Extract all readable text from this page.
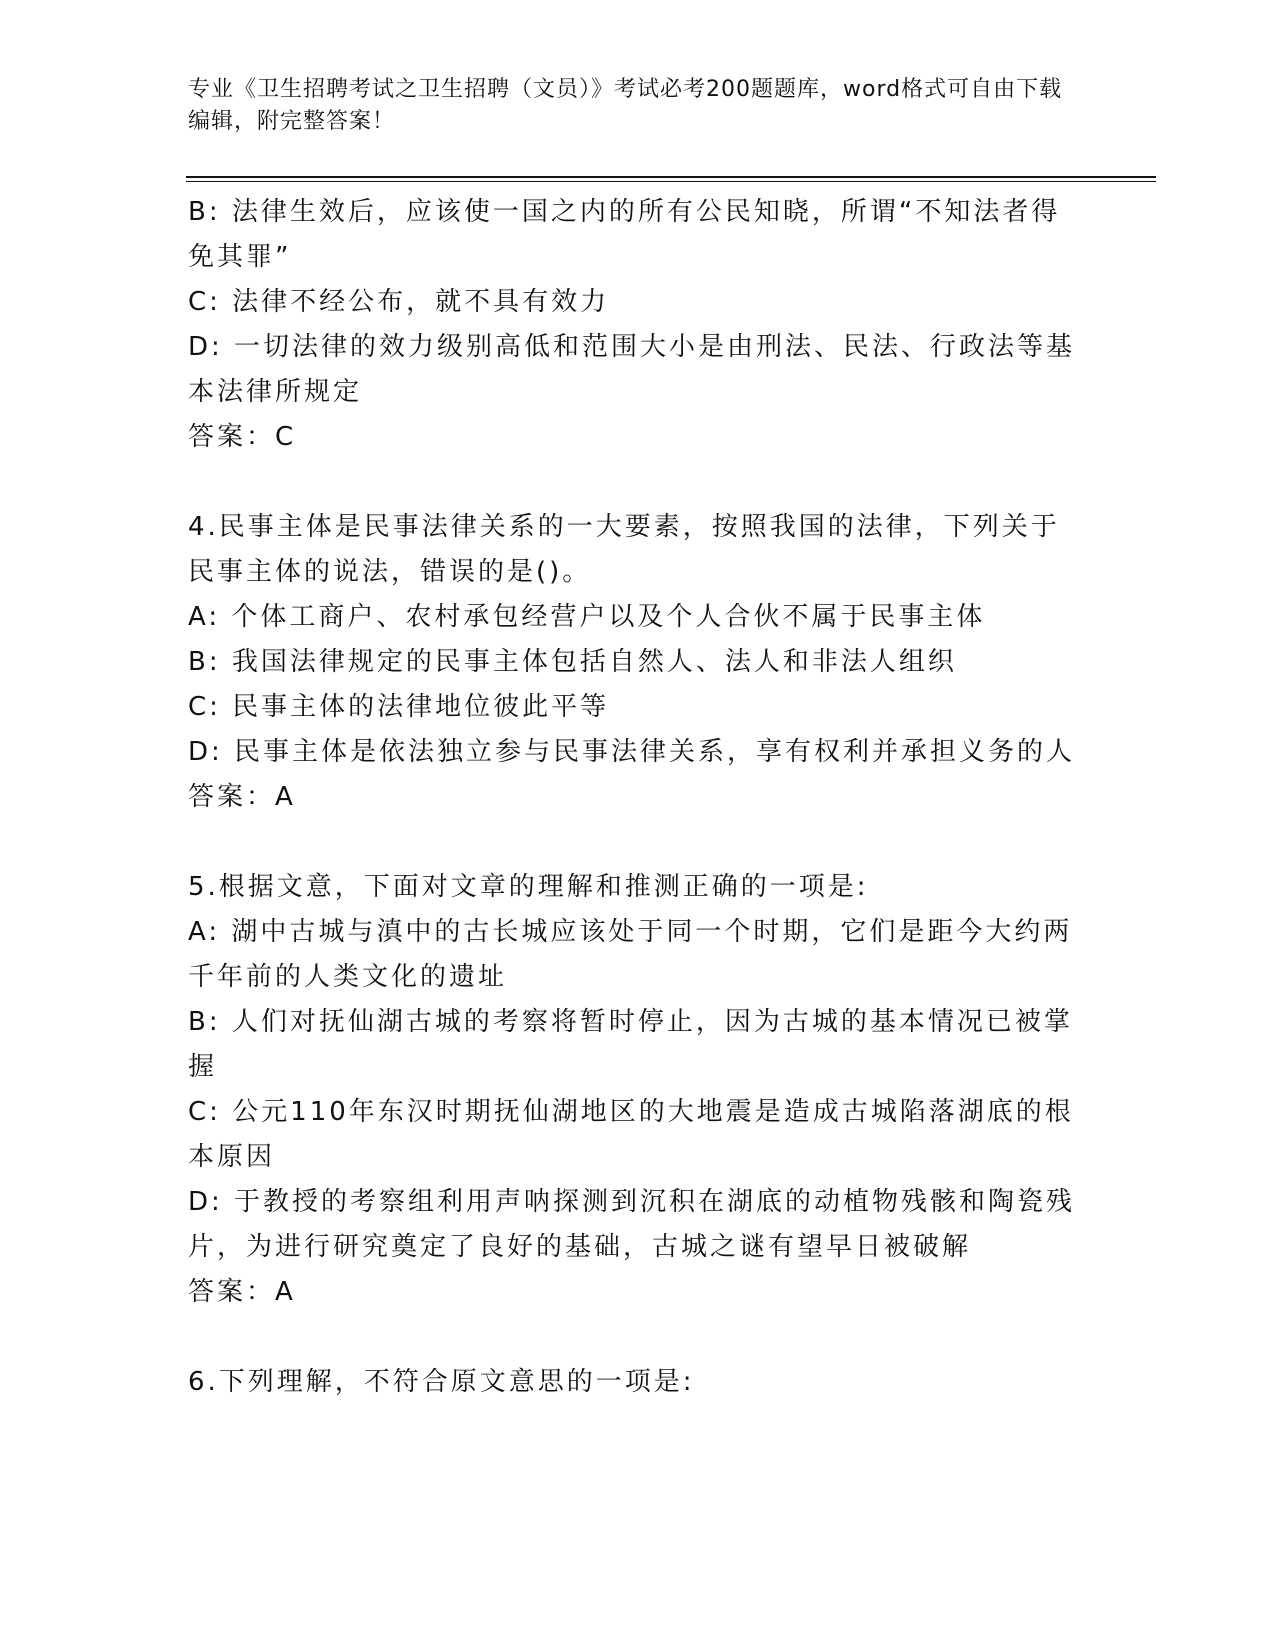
专业《卫生招聘考试之卫生招聘（文员）》考试必考200题题库，word格式可自由下载编辑，附完整答案！
B: 法律生效后，应该使一国之内的所有公民知晓，所谓“不知法者得免其罪”
C: 法律不经公布，就不具有效力
D: 一切法律的效力级别高低和范围大小是由刑法、民法、行政法等基本法律所规定
答案：C
4.民事主体是民事法律关系的一大要素，按照我国的法律，下列关于民事主体的说法，错误的是()。
A: 个体工商户、农村承包经营户以及个人合伙不属于民事主体
B: 我国法律规定的民事主体包括自然人、法人和非法人组织
C: 民事主体的法律地位彼此平等
D: 民事主体是依法独立参与民事法律关系，享有权利并承担义务的人
答案：A
5.根据文意，下面对文章的理解和推测正确的一项是:
A: 湖中古城与滇中的古长城应该处于同一个时期，它们是距今大约两千年前的人类文化的遗址
B: 人们对抚仙湖古城的考察将暂时停止，因为古城的基本情况已被掌握
C: 公元110年东汉时期抚仙湖地区的大地震是造成古城陷落湖底的根本原因
D: 于教授的考察组利用声呐探测到沉积在湖底的动植物残骸和陶瓷残片，为进行研究奠定了良好的基础，古城之谜有望早日被破解
答案：A
6.下列理解，不符合原文意思的一项是:
